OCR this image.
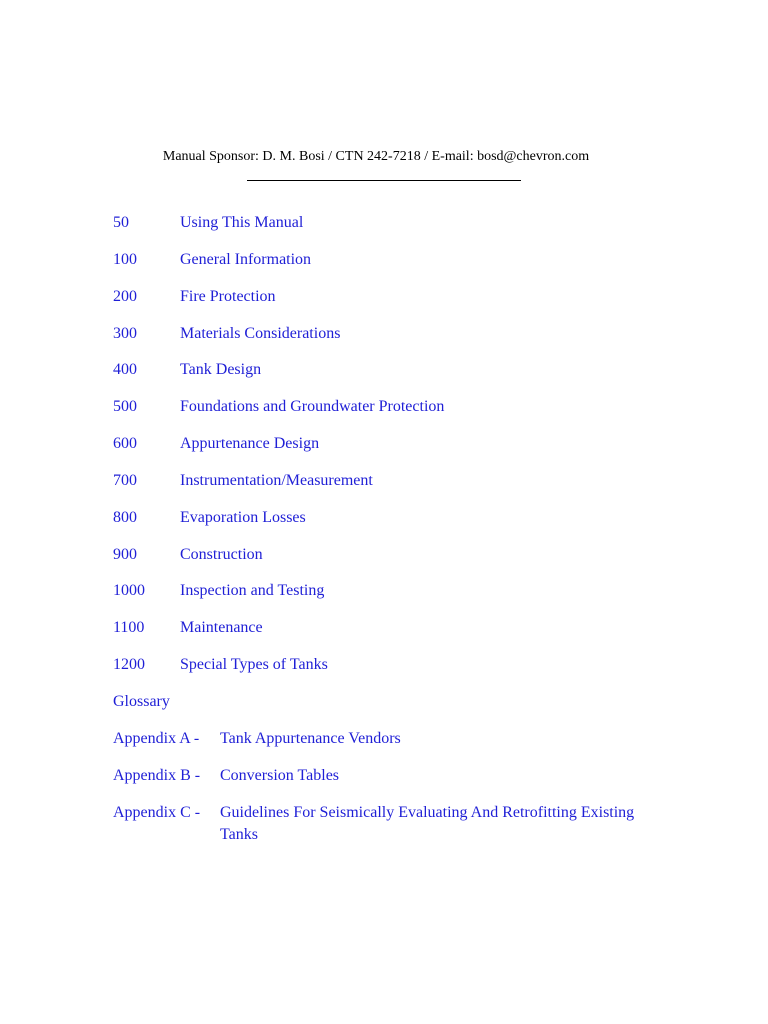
Manual Sponsor: D. M. Bosi / CTN 242-7218 / E-mail: bosd@chevron.com
50	Using This Manual
100	General Information
200	Fire Protection
300	Materials Considerations
400	Tank Design
500	Foundations and Groundwater Protection
600	Appurtenance Design
700	Instrumentation/Measurement
800	Evaporation Losses
900	Construction
1000 Inspection and Testing
1100 Maintenance
1200 Special Types of Tanks
Glossary
Appendix A - Tank Appurtenance Vendors
Appendix B - Conversion Tables
Appendix C - Guidelines For Seismically Evaluating And Retrofitting Existing Tanks
